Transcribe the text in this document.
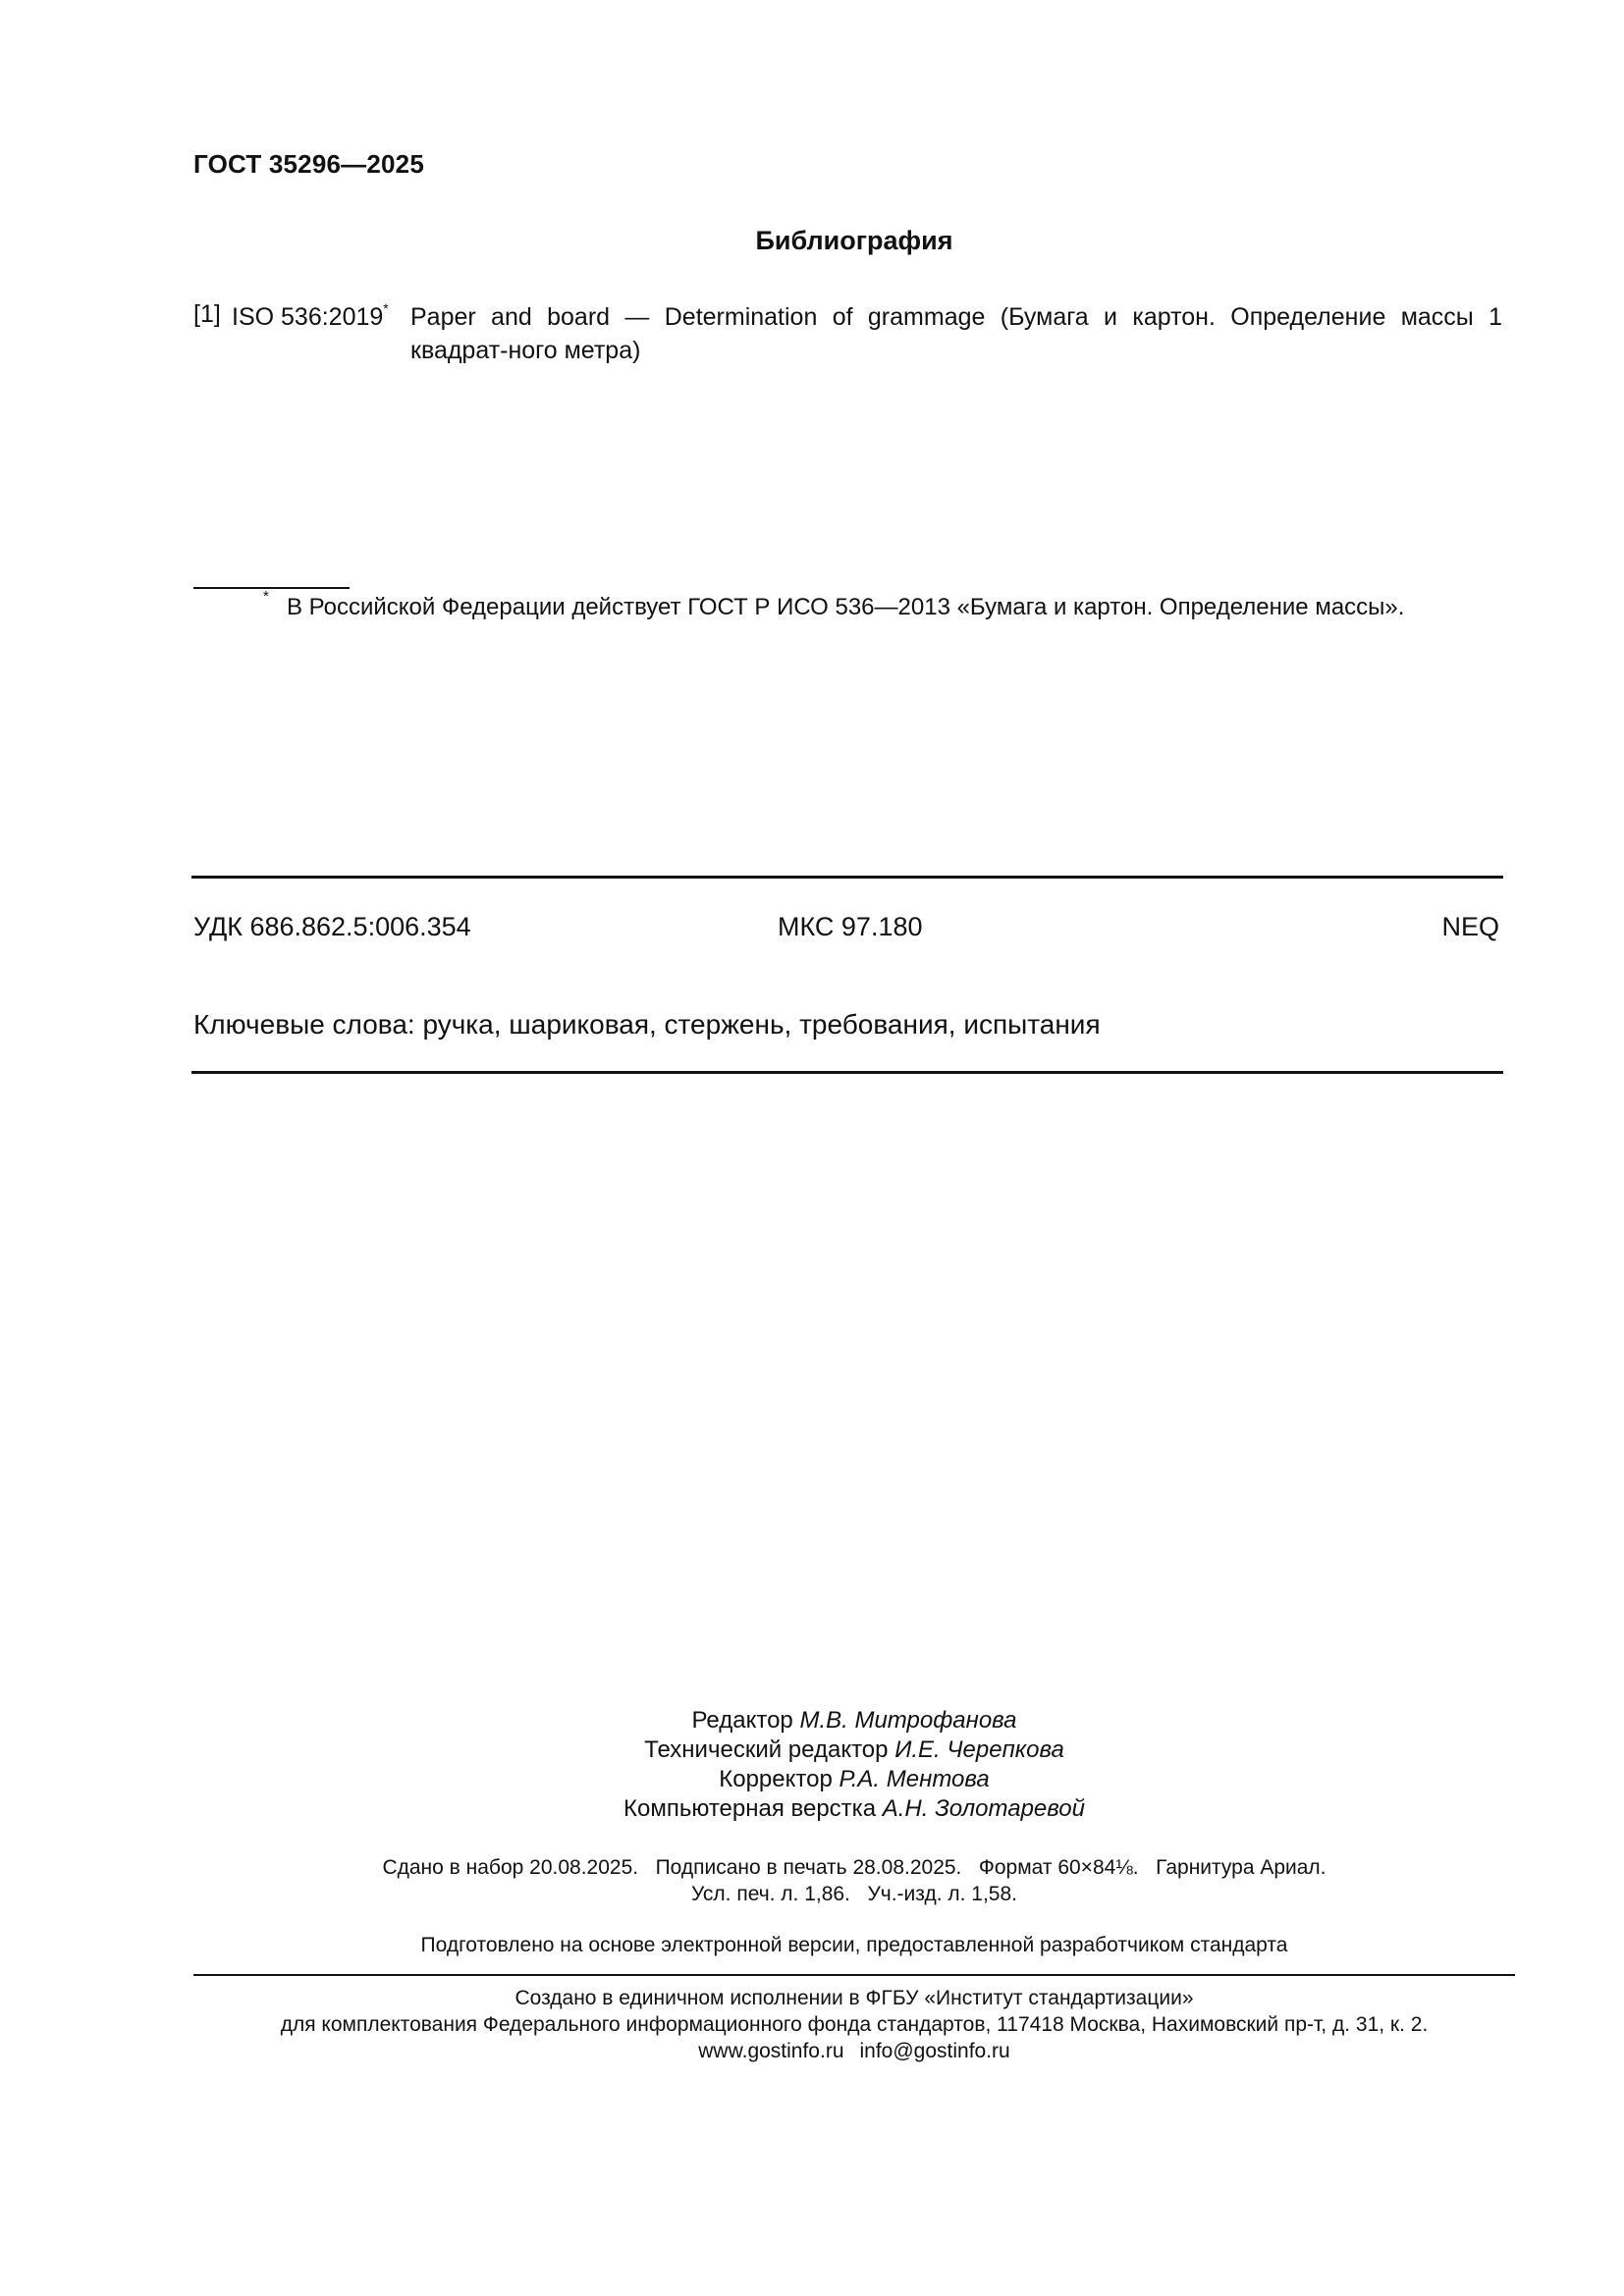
ГОСТ 35296—2025
Библиография
[1] ISO 536:2019* Paper and board — Determination of grammage (Бумага и картон. Определение массы 1 квадрат-ного метра)
* В Российской Федерации действует ГОСТ Р ИСО 536—2013 «Бумага и картон. Определение массы».
УДК 686.862.5:006.354	МКС 97.180	NEQ
Ключевые слова: ручка, шариковая, стержень, требования, испытания
Редактор М.В. Митрофанова
Технический редактор И.Е. Черепкова
Корректор Р.А. Ментова
Компьютерная верстка А.Н. Золотаревой
Сдано в набор 20.08.2025.   Подписано в печать 28.08.2025.   Формат 60×84⅛.   Гарнитура Ариал.
Усл. печ. л. 1,86.   Уч.-изд. л. 1,58.
Подготовлено на основе электронной версии, предоставленной разработчиком стандарта
Создано в единичном исполнении в ФГБУ «Институт стандартизации»
для комплектования Федерального информационного фонда стандартов, 117418 Москва, Нахимовский пр-т, д. 31, к. 2.
www.gostinfo.ru info@gostinfo.ru
